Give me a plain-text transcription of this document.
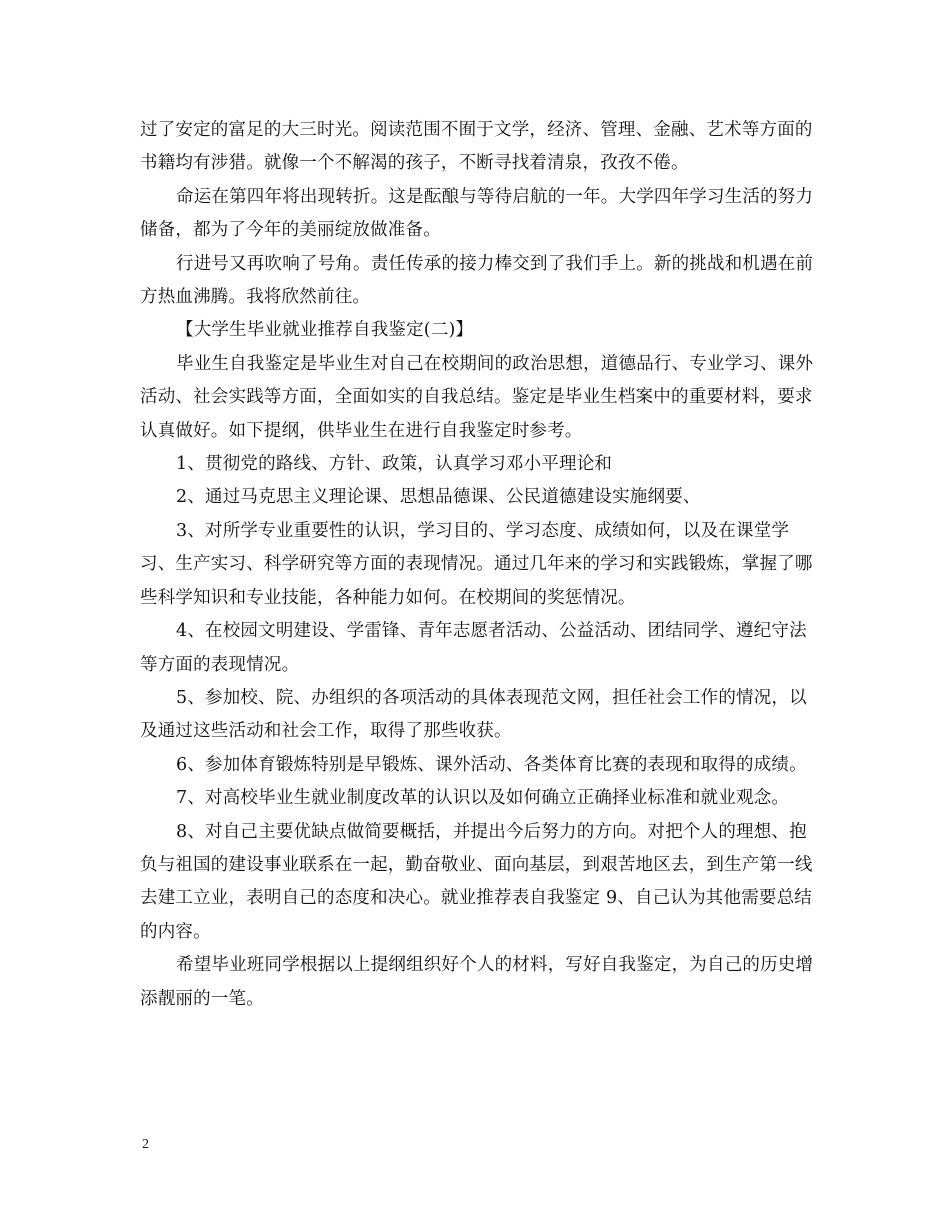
过了安定的富足的大三时光。阅读范围不囿于文学，经济、管理、金融、艺术等方面的书籍均有涉猎。就像一个不解渴的孩子，不断寻找着清泉，孜孜不倦。

命运在第四年将出现转折。这是酝酿与等待启航的一年。大学四年学习生活的努力储备，都为了今年的美丽绽放做准备。

行进号又再吹响了号角。责任传承的接力棒交到了我们手上。新的挑战和机遇在前方热血沸腾。我将欣然前往。

【大学生毕业就业推荐自我鉴定(二)】

毕业生自我鉴定是毕业生对自己在校期间的政治思想，道德品行、专业学习、课外活动、社会实践等方面，全面如实的自我总结。鉴定是毕业生档案中的重要材料，要求认真做好。如下提纲，供毕业生在进行自我鉴定时参考。

1、贯彻党的路线、方针、政策，认真学习邓小平理论和

2、通过马克思主义理论课、思想品德课、公民道德建设实施纲要、

3、对所学专业重要性的认识，学习目的、学习态度、成绩如何，以及在课堂学习、生产实习、科学研究等方面的表现情况。通过几年来的学习和实践锻炼，掌握了哪些科学知识和专业技能，各种能力如何。在校期间的奖惩情况。

4、在校园文明建设、学雷锋、青年志愿者活动、公益活动、团结同学、遵纪守法等方面的表现情况。

5、参加校、院、办组织的各项活动的具体表现范文网，担任社会工作的情况，以及通过这些活动和社会工作，取得了那些收获。

6、参加体育锻炼特别是早锻炼、课外活动、各类体育比赛的表现和取得的成绩。

7、对高校毕业生就业制度改革的认识以及如何确立正确择业标准和就业观念。

8、对自己主要优缺点做简要概括，并提出今后努力的方向。对把个人的理想、抱负与祖国的建设事业联系在一起，勤奋敬业、面向基层，到艰苦地区去，到生产第一线去建工立业，表明自己的态度和决心。就业推荐表自我鉴定 9、自己认为其他需要总结的内容。

希望毕业班同学根据以上提纲组织好个人的材料，写好自我鉴定，为自己的历史增添靓丽的一笔。

2
